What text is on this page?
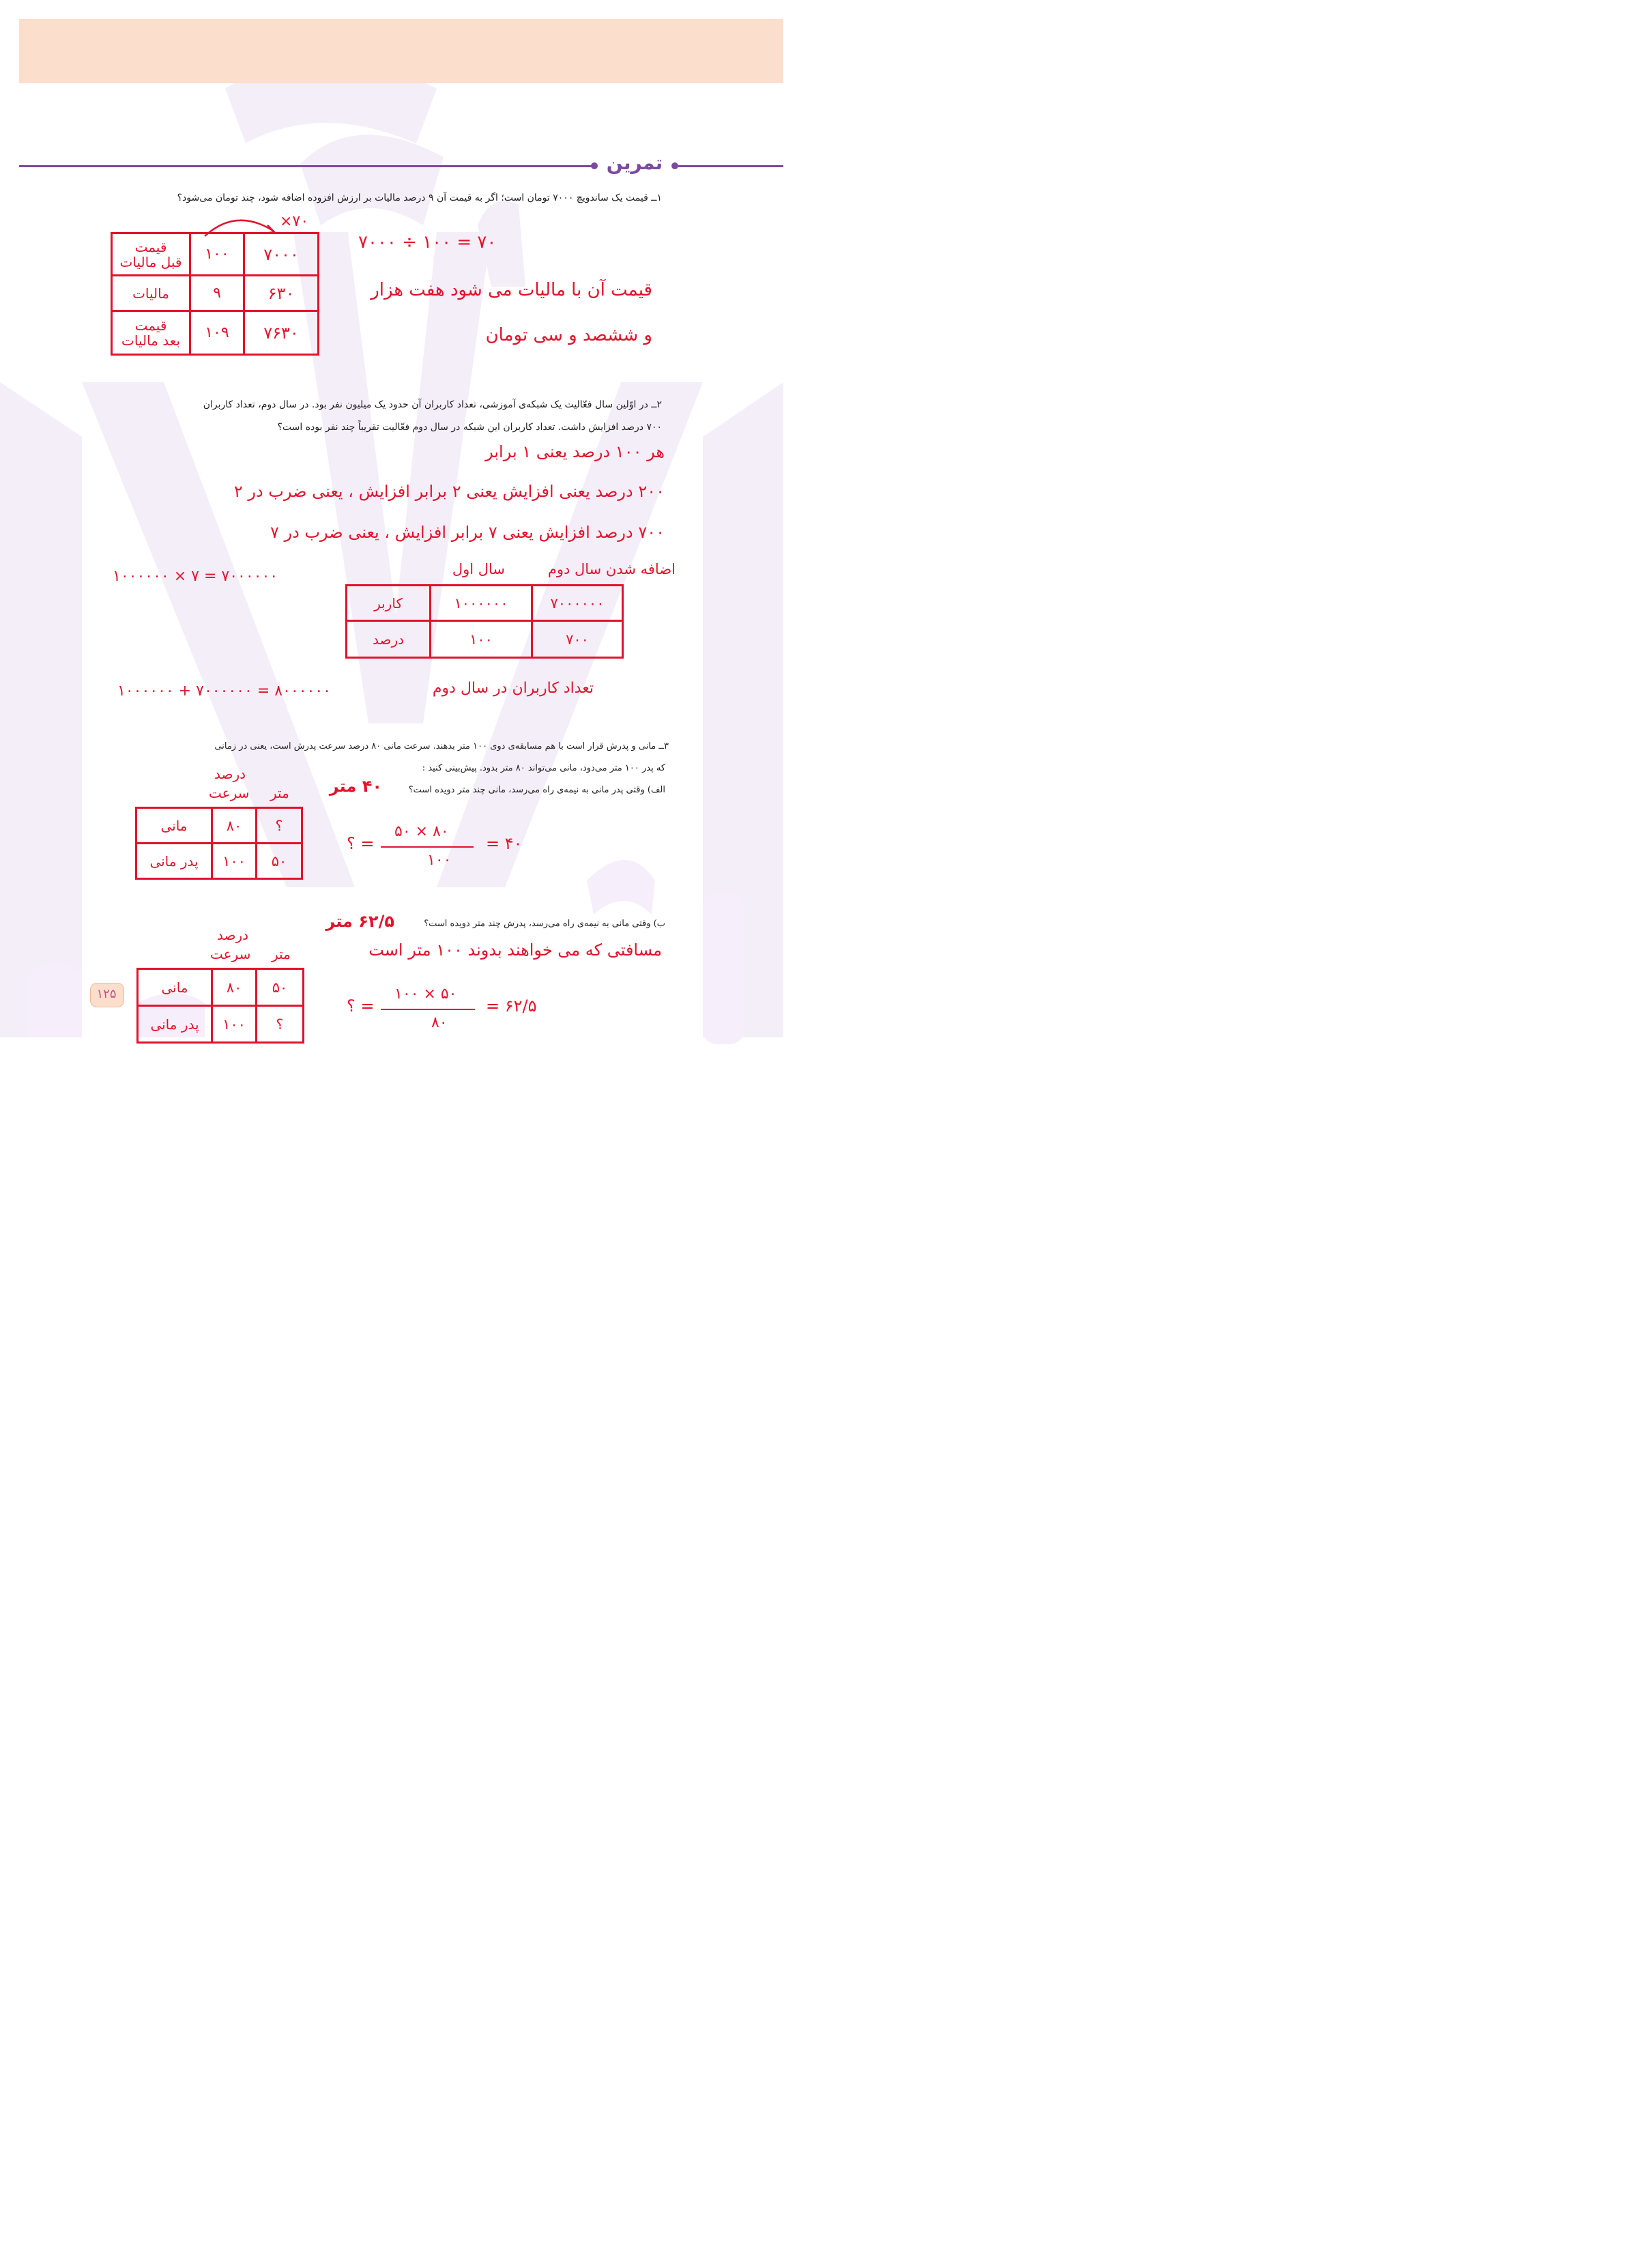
تمرین
۱ــ قیمت یک ساندویچ ۷۰۰۰ تومان است؛ اگر به قیمت آن ۹ درصد مالیات بر ارزش افزوده اضافه شود، چند تومان می‌شود؟
×۷۰
قیمت
قبل مالیات	۱۰۰	۷۰۰۰
مالیات	۹	۶۳۰
قیمت
بعد مالیات	۱۰۹	۷۶۳۰
۷۰۰۰ ÷ ۱۰۰ = ۷۰
قیمت آن با مالیات می شود هفت هزار
و ششصد و سی تومان
۲ــ در اوّلین سال فعّالیت یک شبکه‌ی آموزشی، تعداد کاربران آن حدود یک میلیون نفر بود. در سال دوم، تعداد کاربران
۷۰۰ درصد افزایش داشت. تعداد کاربران این شبکه در سال دوم فعّالیت تقریباً چند نفر بوده است؟
هر ۱۰۰ درصد یعنی ۱ برابر
۲۰۰ درصد یعنی افزایش یعنی ۲ برابر افزایش ، یعنی ضرب در ۲
۷۰۰ درصد افزایش یعنی ۷ برابر افزایش ، یعنی ضرب در ۷
۱۰۰۰۰۰۰ × ۷ = ۷۰۰۰۰۰۰	اضافه شدن سال دوم
سال اول
کاربر	۱۰۰۰۰۰۰	۷۰۰۰۰۰۰
درصد	۱۰۰	۷۰۰
۱۰۰۰۰۰۰ + ۷۰۰۰۰۰۰ = ۸۰۰۰۰۰۰	تعداد کاربران در سال دوم
۳ــ مانی و پدرش قرار است با هم مسابقه‌ی دوی ۱۰۰ متر بدهند. سرعت مانی ۸۰ درصد سرعت پدرش است، یعنی در زمانی
که پدر ۱۰۰ متر می‌دود، مانی می‌تواند ۸۰ متر بدود. پیش‌بینی کنید :
الف) وقتی پدر مانی به نیمه‌ی راه می‌رسد، مانی چند متر دویده است؟
۴۰ متر
درصد
سرعت متر
مانی	۸۰	؟
پدر مانی	۱۰۰	۵۰
؟ =
۵۰ × ۸۰
۱۰۰
= ۴۰
ب) وقتی مانی به نیمه‌ی راه می‌رسد، پدرش چند متر دویده است؟
۶۲/۵ متر
مسافتی که می خواهند بدوند ۱۰۰ متر است
درصد
سرعت متر
مانی	۸۰	۵۰
پدر مانی	۱۰۰	؟
۱۲۵
؟ =
۱۰۰ × ۵۰
۸۰
= ۶۲/۵
